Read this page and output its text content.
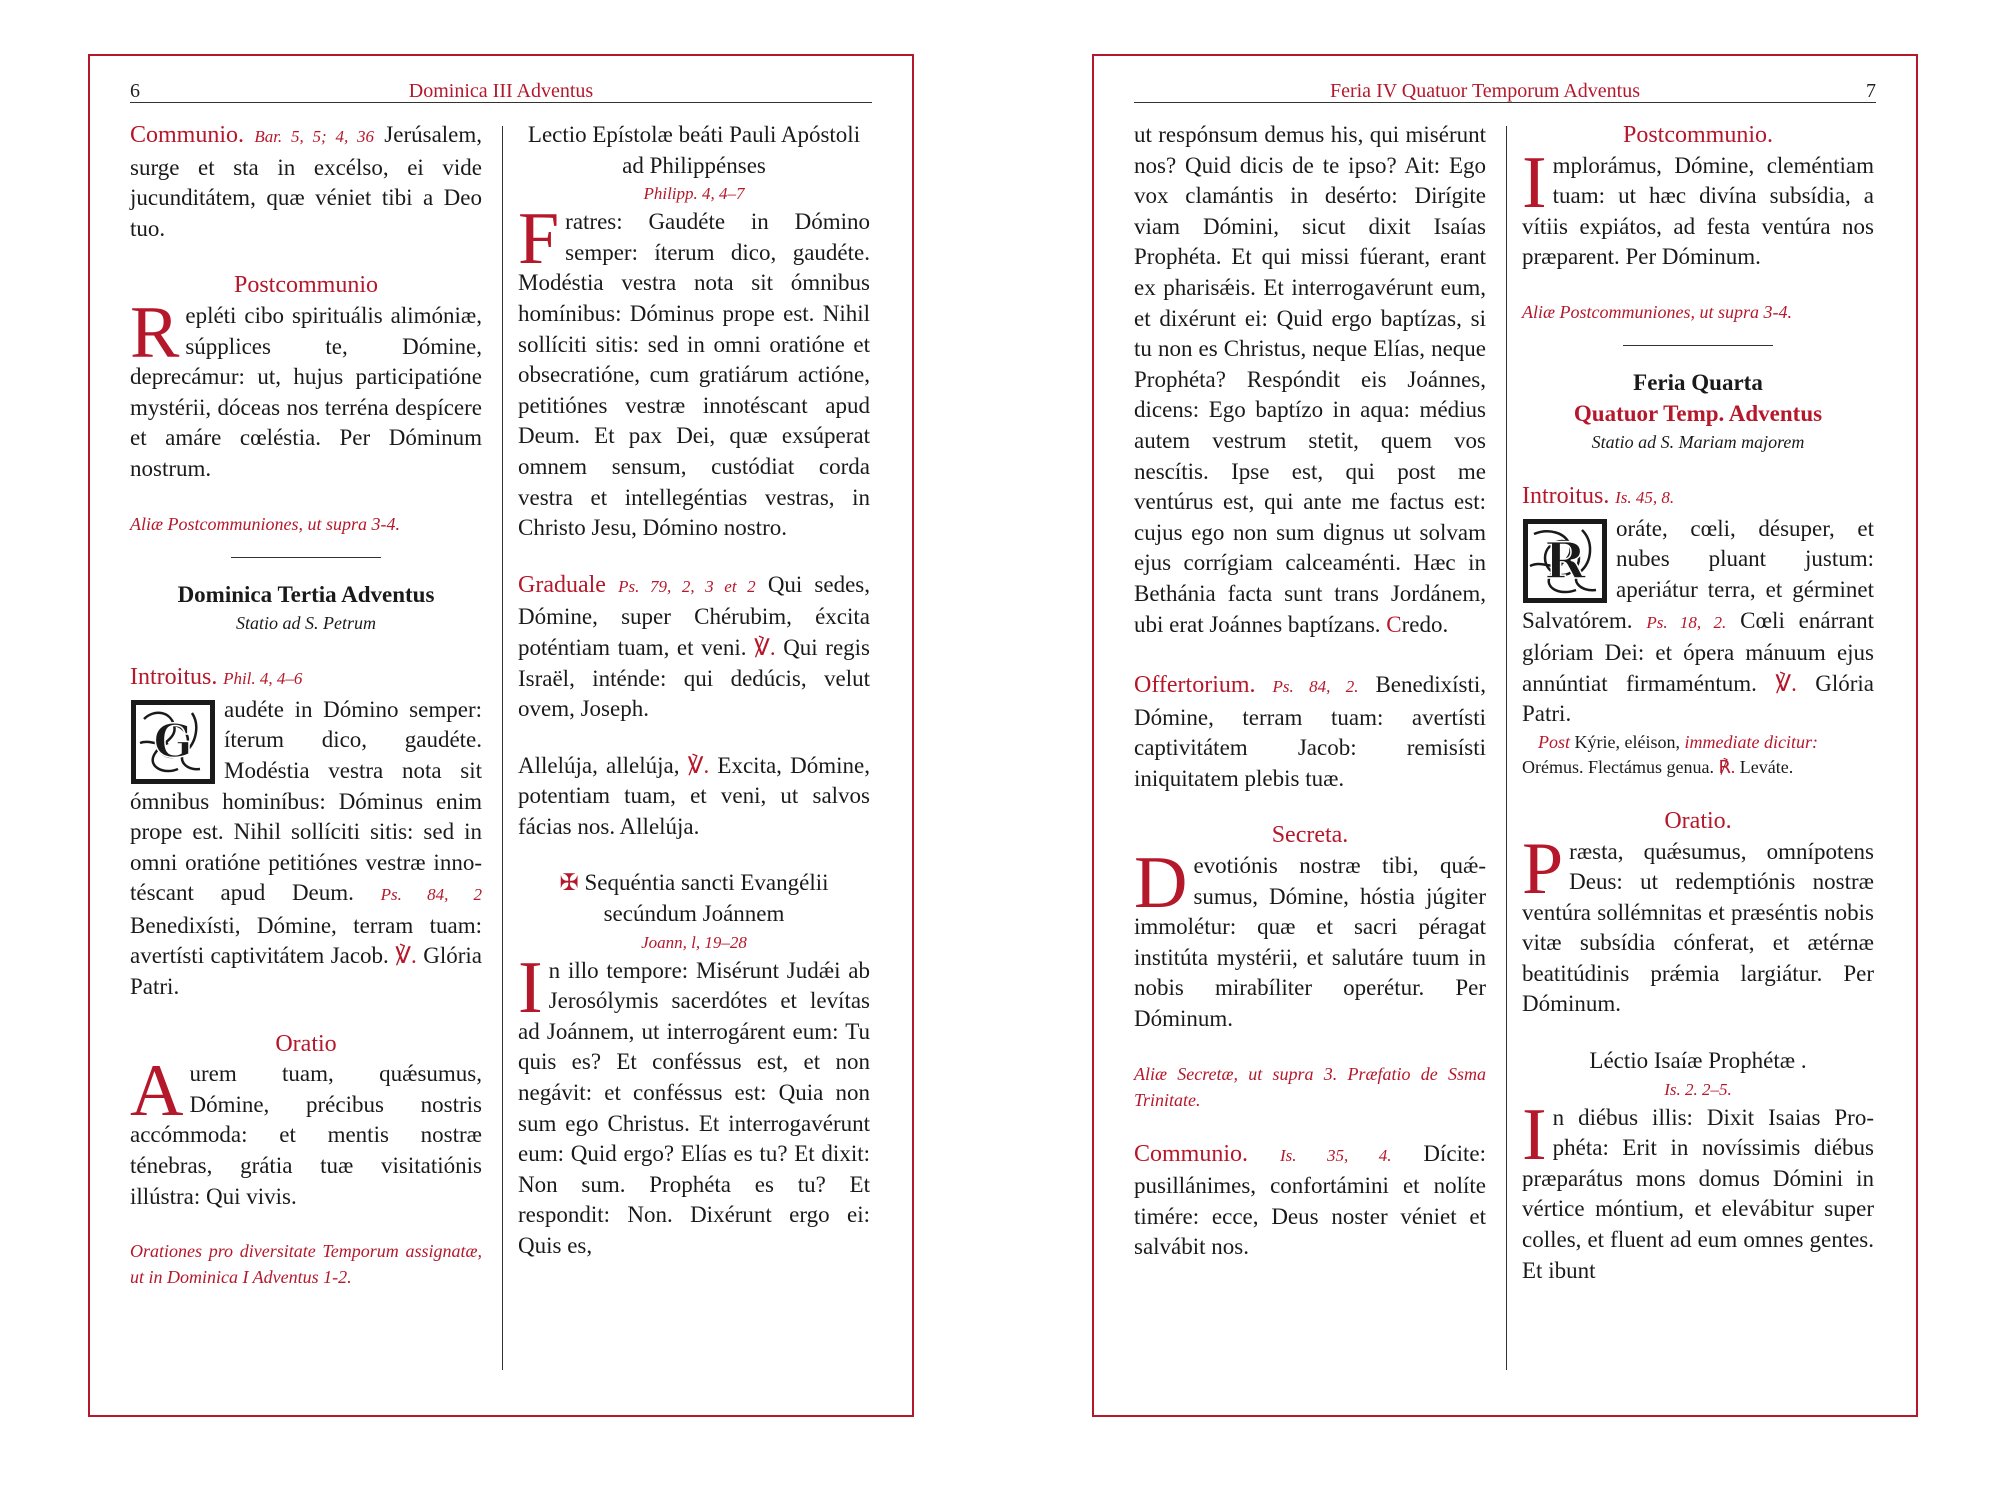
6	Dominica III Adventus
Communio. Bar. 5, 5; 4, 36 Jerúsalem, surge et sta in excélso, ei vide jucunditátem, quæ véniet tibi a Deo tuo.
Postcommunio
R epléti cibo spirituális alimóniæ, súpplices te, Dómine, deprecámur: ut, hujus participatióne mystérii, dóceas nos terréna despícere et amáre cœléstia. Per Dóminum nostrum.
Aliæ Postcommuniones, ut supra 3-4.
Dominica Tertia Adventus
Statio ad S. Petrum
Introitus. Phil. 4, 4–6
G
audéte in Dómino semper: íterum dico, gaudéte. Modéstia vestra nota sit ómnibus hominíbus: Dóminus enim prope est. Nihil sollíciti sitis: sed in omni oratióne petitiónes vestræ innotéscant apud Deum. Ps. 84, 2 Benedixísti, Dómine, terram tuam: avertísti captivitátem Jacob. ℣. Glória Patri.
Oratio
A urem tuam, quǽsumus, Dómine, précibus nostris accómmoda: et mentis nostræ ténebras, grátia tuæ visitatiónis illústra: Qui vivis.
Orationes pro diversitate Temporum assignatæ, ut in Dominica I Adventus 1-2.
Lectio Epístolæ beáti Pauli Apóstoli ad Philippénses
Philipp. 4, 4–7
F ratres: Gaudéte in Dómino semper: íterum dico, gaudéte. Modéstia vestra nota sit ómnibus homínibus: Dóminus prope est. Nihil sollíciti sitis: sed in omni oratióne et obsecratióne, cum gratiárum actióne, petitiónes vestræ innotéscant apud Deum. Et pax Dei, quæ exsúperat omnem sensum, custódiat corda vestra et intellegéntias vestras, in Christo Jesu, Dómino nostro.
Graduale Ps. 79, 2, 3 et 2 Qui sedes, Dómine, super Chérubim, éxcita poténtiam tuam, et veni. ℣. Qui regis Israël, inténde: qui dedúcis, velut ovem, Joseph.
Allelúja, allelúja, ℣. Excita, Dómine, potentiam tuam, et veni, ut salvos fácias nos. Allelúja.
✠ Sequéntia sancti Evangélii secúndum Joánnem
Joann, l, 19–28
I n illo tempore: Misérunt Judǽi ab Jerosólymis sacerdótes et levítas ad Joánnem, ut interrogárent eum: Tu quis es? Et conféssus est, et non negávit: et conféssus est: Quia non sum ego Christus. Et interrogavérunt eum: Quid ergo? Elías es tu? Et dixit: Non sum. Prophéta es tu? Et respondit: Non. Dixérunt ergo ei: Quis es,
Feria IV Quatuor Temporum Adventus	7
ut respónsum demus his, qui misérunt nos? Quid dicis de te ipso? Ait: Ego vox clamántis in desérto: Dirígite viam Dómini, sicut dixit Isaías Prophéta. Et qui missi fúerant, erant ex pharisǽis. Et interrogavérunt eum, et dixérunt ei: Quid ergo baptízas, si tu non es Christus, neque Elías, neque Prophéta? Respóndit eis Joánnes, dicens: Ego baptízo in aqua: médius autem vestrum stetit, quem vos nescítis. Ipse est, qui post me ventúrus est, qui ante me factus est: cujus ego non sum dignus ut solvam ejus corrígiam calceaménti. Hæc in Bethánia facta sunt trans Jordánem, ubi erat Joánnes baptízans. Credo.
Offertorium. Ps. 84, 2. Benedixísti, Dómine, terram tuam: avertísti captivitátem Jacob: remisísti iniquitatem plebis tuæ.
Secreta.
D evotiónis nostræ tibi, quǽsumus, Dómine, hóstia júgiter immolétur: quæ et sacri péragat institúta mystérii, et salutáre tuum in nobis mirabíliter operétur. Per Dóminum.
Aliæ Secretæ, ut supra 3. Præfatio de Ssma Trinitate.
Communio. Is. 35, 4. Dícite: pusillánimes, confortámini et nolíte timére: ecce, Deus noster véniet et salvábit nos.
Postcommunio.
I mplorámus, Dómine, cleméntiam tuam: ut hæc divína subsídia, a vítiis expiátos, ad festa ventúra nos præparent. Per Dóminum.
Aliæ Postcommuniones, ut supra 3-4.
Feria Quarta
Quatuor Temp. Adventus
Statio ad S. Mariam majorem
Introitus. Is. 45, 8.
R
oráte, cœli, désuper, et nubes pluant justum: aperiátur terra, et gérminet Salvatórem. Ps. 18, 2. Cœli enárrant glóriam Dei: et ópera mánuum ejus annúntiat firmaméntum. ℣. Glória Patri.
Post Kýrie, eléison, immediate dicitur:
Orémus. Flectámus genua. ℟. Leváte.
Oratio.
P ræsta, quǽsumus, omnípotens Deus: ut redemptiónis nostræ ventúra sollémnitas et præséntis nobis vitæ subsídia cónferat, et ætérnæ beatitúdinis prǽmia largiátur. Per Dóminum.
Léctio Isaíæ Prophétæ .
Is. 2. 2–5.
I n diébus illis: Dixit Isaias Prophéta: Erit in novíssimis diébus præparátus mons domus Dómini in vértice móntium, et elevábitur super colles, et fluent ad eum omnes gentes. Et ibunt
